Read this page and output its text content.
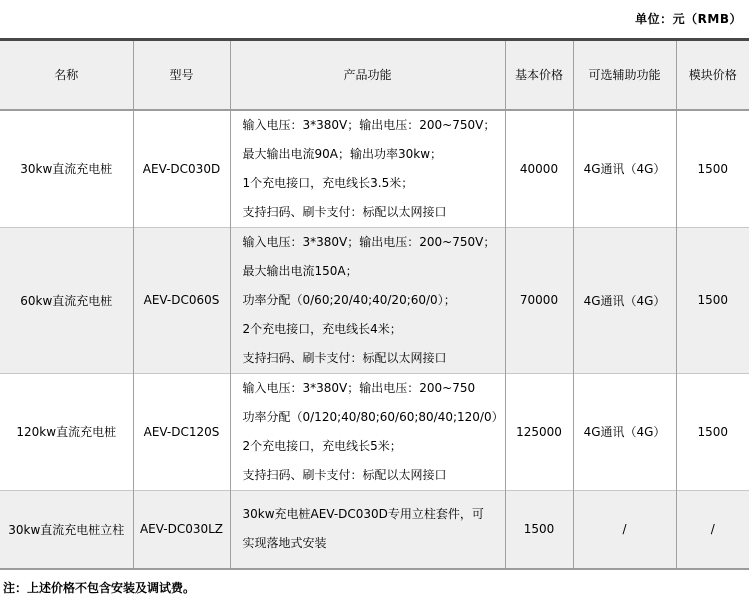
单位：元（RMB）
名称	型号	产品功能	基本价格	可选辅助功能	模块价格
30kw直流充电桩	AEV-DC030D	输入电压：3*380V；输出电压：200~750V；
最大输出电流90A；输出功率30kw；
1个充电接口，充电线长3.5米；
支持扫码、刷卡支付：标配以太网接口	40000	4G通讯（4G）	1500
60kw直流充电桩	AEV-DC060S	输入电压：3*380V；输出电压：200~750V；
最大输出电流150A；
功率分配（0/60;20/40;40/20;60/0）；
2个充电接口，充电线长4米；
支持扫码、刷卡支付：标配以太网接口	70000	4G通讯（4G）	1500
120kw直流充电桩	AEV-DC120S	输入电压：3*380V；输出电压：200~750
功率分配（0/120;40/80;60/60;80/40;120/0）
2个充电接口，充电线长5米；
支持扫码、刷卡支付：标配以太网接口	125000	4G通讯（4G）	1500
30kw直流充电桩立柱	AEV-DC030LZ	30kw充电桩AEV-DC030D专用立柱套件，可实现落地式安装	1500	/	/
注：上述价格不包含安装及调试费。
